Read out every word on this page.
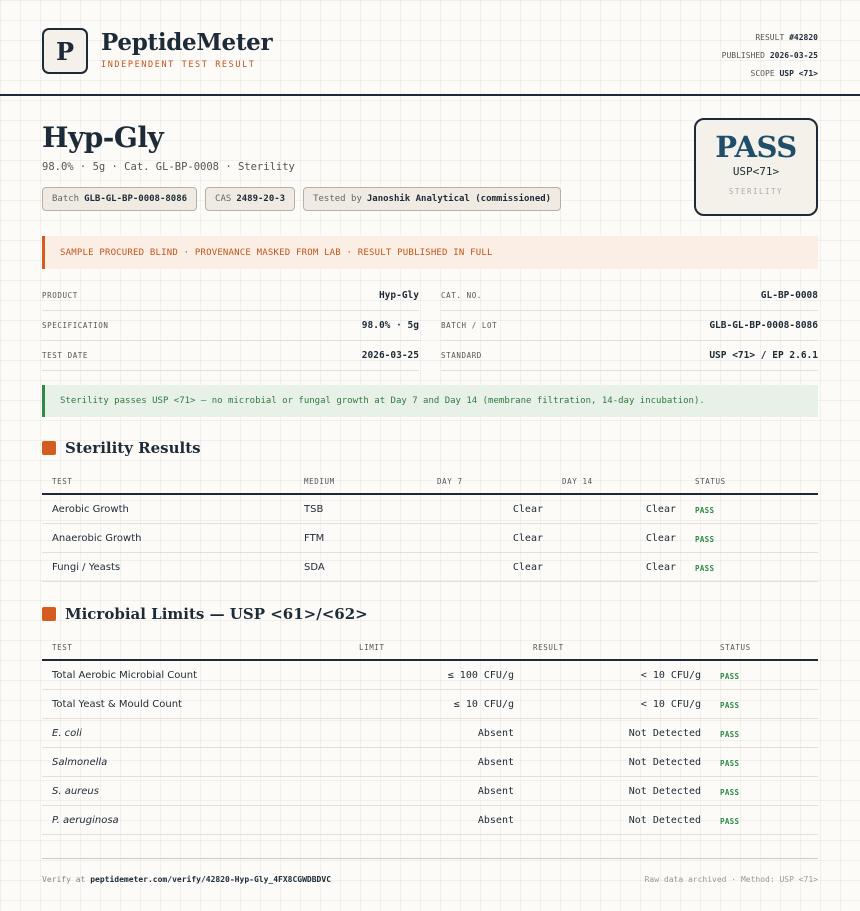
P	PeptideMeter
INDEPENDENT TEST RESULT
RESULT #42820
PUBLISHED 2026-03-25
SCOPE USP <71>
Hyp-Gly
98.0% · 5g · Cat. GL-BP-0008 · Sterility
Batch GLB-GL-BP-0008-8086	CAS 2489-20-3	Tested by Janoshik Analytical (commissioned)
PASS
USP<71>
STERILITY
SAMPLE PROCURED BLIND · PROVENANCE MASKED FROM LAB · RESULT PUBLISHED IN FULL
PRODUCT	Hyp-Gly
SPECIFICATION	98.0% · 5g
TEST DATE	2026-03-25
CAT. NO.	GL-BP-0008
BATCH / LOT	GLB-GL-BP-0008-8086
STANDARD	USP <71> / EP 2.6.1
Sterility passes USP <71> — no microbial or fungal growth at Day 7 and Day 14 (membrane filtration, 14-day incubation).
Sterility Results
TEST	MEDIUM	DAY 7	DAY 14	STATUS
Aerobic Growth	TSB	Clear	Clear	PASS
Anaerobic Growth	FTM	Clear	Clear	PASS
Fungi / Yeasts	SDA	Clear	Clear	PASS
Microbial Limits — USP <61>/<62>
TEST	LIMIT	RESULT	STATUS
Total Aerobic Microbial Count	≤ 100 CFU/g	< 10 CFU/g	PASS
Total Yeast & Mould Count	≤ 10 CFU/g	< 10 CFU/g	PASS
E. coli	Absent	Not Detected	PASS
Salmonella	Absent	Not Detected	PASS
S. aureus	Absent	Not Detected	PASS
P. aeruginosa	Absent	Not Detected	PASS
Verify at peptidemeter.com/verify/42820-Hyp-Gly_4FX8CGWDBDVC	Raw data archived · Method: USP <71>
